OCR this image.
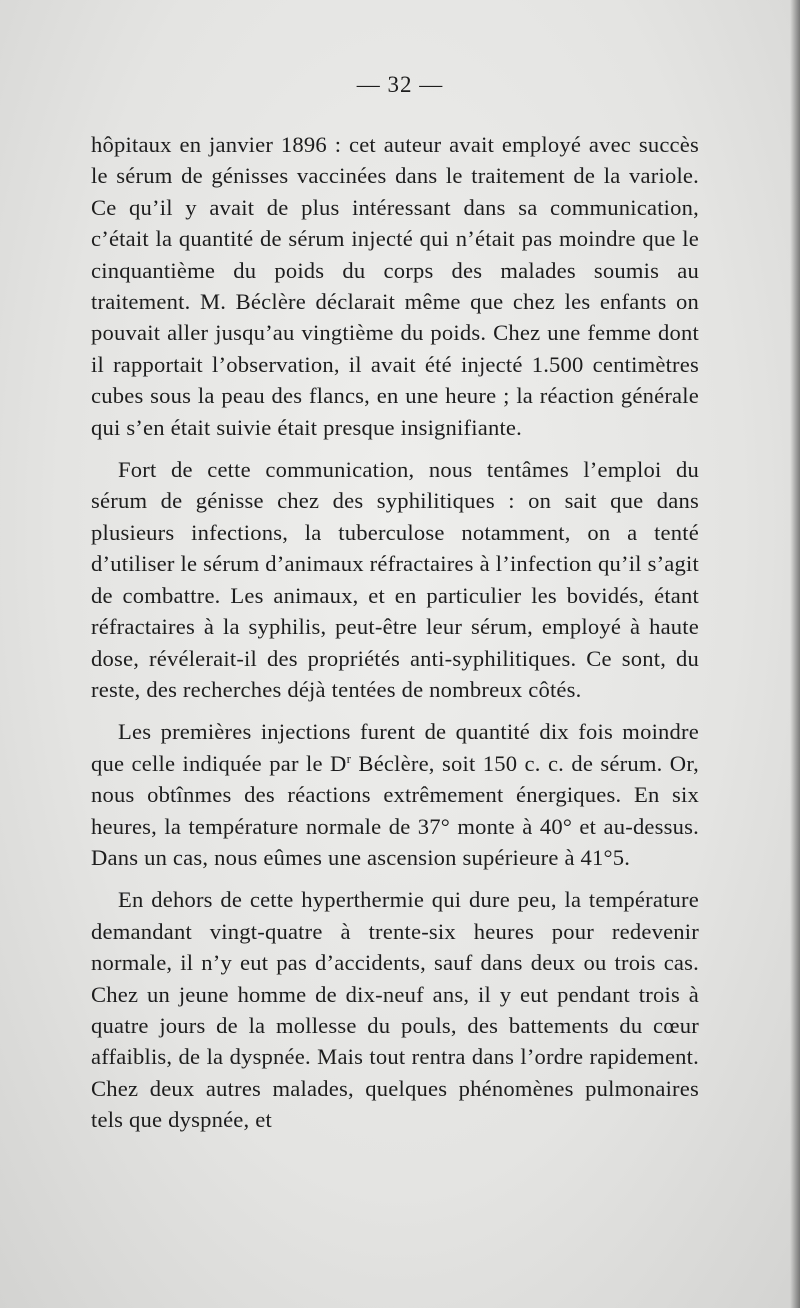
— 32 —

hôpitaux en janvier 1896 : cet auteur avait employé avec succès le sérum de génisses vaccinées dans le traitement de la variole. Ce qu’il y avait de plus intéressant dans sa communication, c’était la quantité de sérum injecté qui n’était pas moindre que le cinquantième du poids du corps des malades soumis au traitement. M. Béclère déclarait même que chez les enfants on pouvait aller jusqu’au vingtième du poids. Chez une femme dont il rapportait l’observation, il avait été injecté 1.500 centimètres cubes sous la peau des flancs, en une heure ; la réaction générale qui s’en était suivie était presque insignifiante.

Fort de cette communication, nous tentâmes l’emploi du sérum de génisse chez des syphilitiques : on sait que dans plusieurs infections, la tuberculose notamment, on a tenté d’utiliser le sérum d’animaux réfractaires à l’infection qu’il s’agit de combattre. Les animaux, et en particulier les bovidés, étant réfractaires à la syphilis, peut-être leur sérum, employé à haute dose, révélerait-il des propriétés anti-syphilitiques. Ce sont, du reste, des recherches déjà tentées de nombreux côtés.

Les premières injections furent de quantité dix fois moindre que celle indiquée par le $D^r$ Béclère, soit 150 c. c. de sérum. Or, nous obtînmes des réactions extrêmement énergiques. En six heures, la température normale de 37° monte à 40° et au-dessus. Dans un cas, nous eûmes une ascension supérieure à 41°5.

En dehors de cette hyperthermie qui dure peu, la température demandant vingt-quatre à trente-six heures pour redevenir normale, il n’y eut pas d’accidents, sauf dans deux ou trois cas. Chez un jeune homme de dix-neuf ans, il y eut pendant trois à quatre jours de la mollesse du pouls, des battements du cœur affaiblis, de la dyspnée. Mais tout rentra dans l’ordre rapidement. Chez deux autres malades, quelques phénomènes pulmonaires tels que dyspnée, et
